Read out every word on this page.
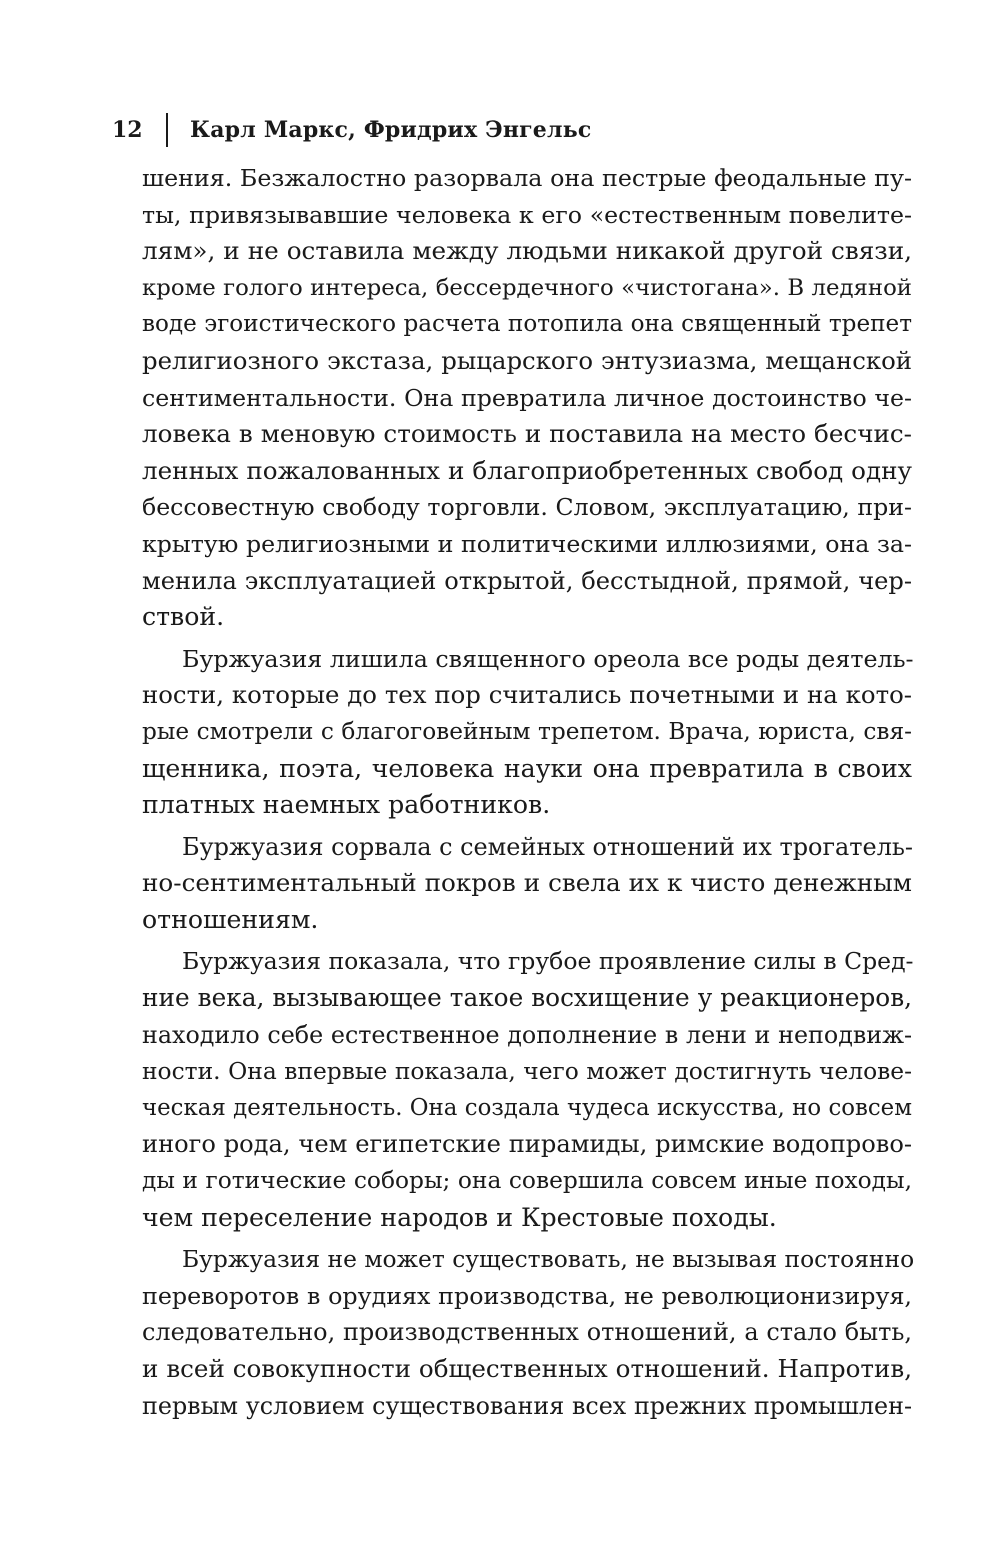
12 Карл Маркс, Фридрих Энгельс

шения. Безжалостно разорвала она пестрые феодальные пу-
ты, привязывавшие человека к его «естественным повелите-
лям», и не оставила между людьми никакой другой связи,
кроме голого интереса, бессердечного «чистогана». В ледяной
воде эгоистического расчета потопила она священный трепет
религиозного экстаза, рыцарского энтузиазма, мещанской
сентиментальности. Она превратила личное достоинство че-
ловека в меновую стоимость и поставила на место бесчис-
ленных пожалованных и благоприобретенных свобод одну
бессовестную свободу торговли. Словом, эксплуатацию, при-
крытую религиозными и политическими иллюзиями, она за-
менила эксплуатацией открытой, бесстыдной, прямой, чер-
ствой.

Буржуазия лишила священного ореола все роды деятель-
ности, которые до тех пор считались почетными и на кото-
рые смотрели с благоговейным трепетом. Врача, юриста, свя-
щенника, поэта, человека науки она превратила в своих
платных наемных работников.

Буржуазия сорвала с семейных отношений их трогатель-
но-сентиментальный покров и свела их к чисто денежным
отношениям.

Буржуазия показала, что грубое проявление силы в Сред-
ние века, вызывающее такое восхищение у реакционеров,
находило себе естественное дополнение в лени и неподвиж-
ности. Она впервые показала, чего может достигнуть челове-
ческая деятельность. Она создала чудеса искусства, но совсем
иного рода, чем египетские пирамиды, римские водопрово-
ды и готические соборы; она совершила совсем иные походы,
чем переселение народов и Крестовые походы.

Буржуазия не может существовать, не вызывая постоянно
переворотов в орудиях производства, не революционизируя,
следовательно, производственных отношений, а стало быть,
и всей совокупности общественных отношений. Напротив,
первым условием существования всех прежних промышлен-
